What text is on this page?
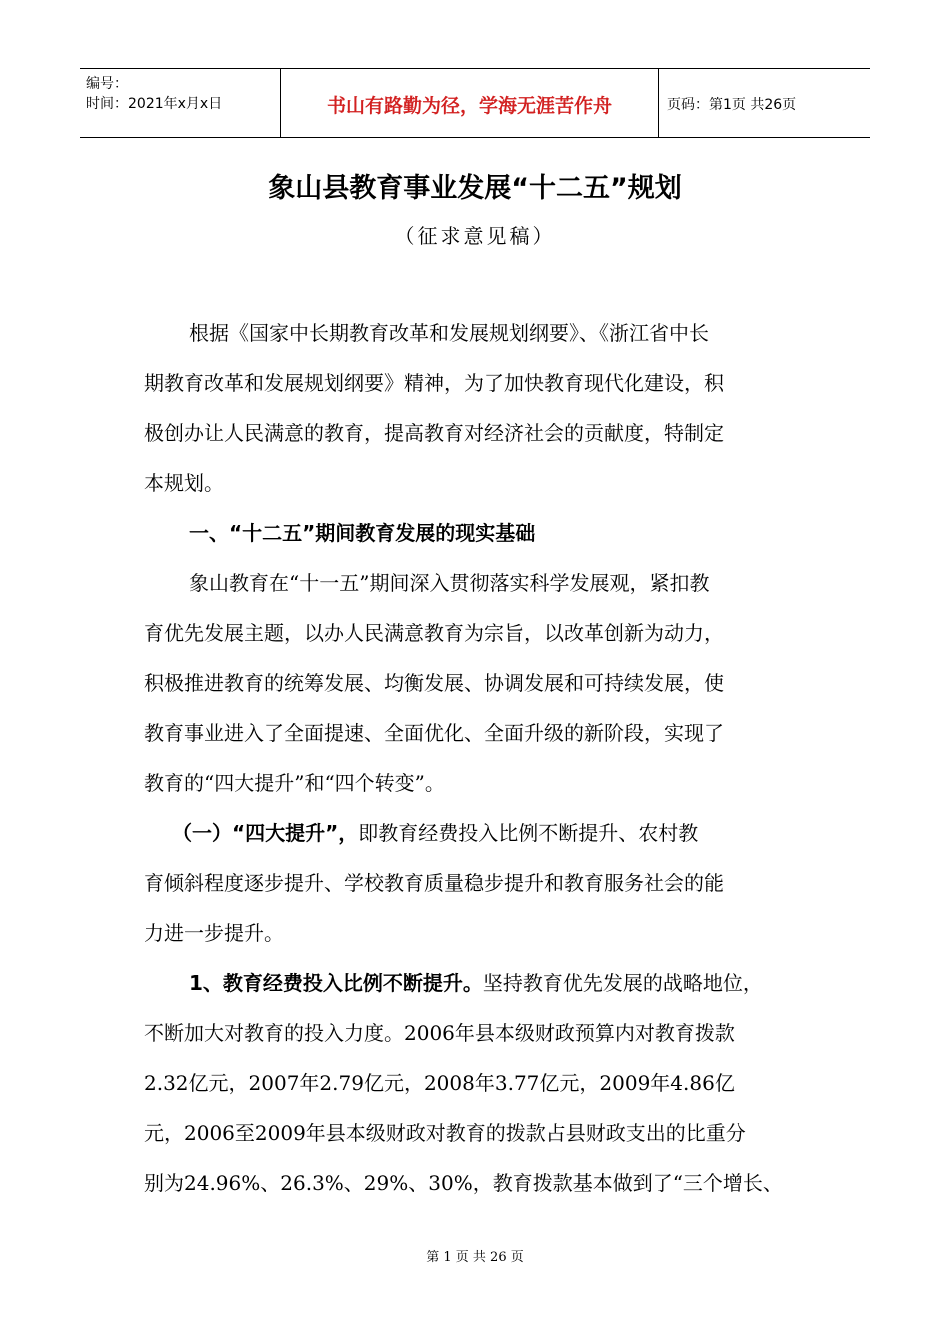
编号：
时间：2021年x月x日	书山有路勤为径，学海无涯苦作舟	页码：第1页 共26页
象山县教育事业发展“十二五”规划
（征求意见稿）
根据《国家中长期教育改革和发展规划纲要》、《浙江省中长
期教育改革和发展规划纲要》精神，为了加快教育现代化建设，积
极创办让人民满意的教育，提高教育对经济社会的贡献度，特制定
本规划。
一、“十二五”期间教育发展的现实基础
象山教育在“十一五”期间深入贯彻落实科学发展观，紧扣教
育优先发展主题，以办人民满意教育为宗旨，以改革创新为动力，
积极推进教育的统筹发展、均衡发展、协调发展和可持续发展，使
教育事业进入了全面提速、全面优化、全面升级的新阶段，实现了
教育的“四大提升”和“四个转变”。
（一）“四大提升”，即教育经费投入比例不断提升、农村教
育倾斜程度逐步提升、学校教育质量稳步提升和教育服务社会的能
力进一步提升。
1、教育经费投入比例不断提升。坚持教育优先发展的战略地位，
不断加大对教育的投入力度。2006年县本级财政预算内对教育拨款
2.32亿元，2007年2.79亿元，2008年3.77亿元，2009年4.86亿
元，2006至2009年县本级财政对教育的拨款占县财政支出的比重分
别为24.96%、26.3%、29%、30%，教育拨款基本做到了“三个增长、
第 1 页 共 26 页
